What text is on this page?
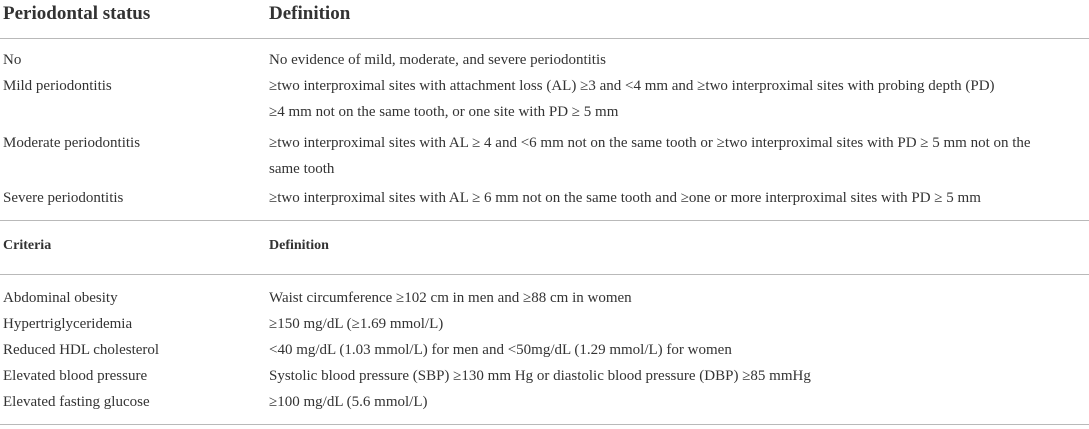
Periodontal status	Definition
No	No evidence of mild, moderate, and severe periodontitis
Mild periodontitis	≥two interproximal sites with attachment loss (AL) ≥3 and <4 mm and ≥two interproximal sites with probing depth (PD)
≥4 mm not on the same tooth, or one site with PD ≥ 5 mm
Moderate periodontitis	≥two interproximal sites with AL ≥ 4 and <6 mm not on the same tooth or ≥two interproximal sites with PD ≥ 5 mm not on the
same tooth
Severe periodontitis	≥two interproximal sites with AL ≥ 6 mm not on the same tooth and ≥one or more interproximal sites with PD ≥ 5 mm
Criteria	Definition
Abdominal obesity	Waist circumference ≥102 cm in men and ≥88 cm in women
Hypertriglyceridemia	≥150 mg/dL (≥1.69 mmol/L)
Reduced HDL cholesterol	<40 mg/dL (1.03 mmol/L) for men and <50mg/dL (1.29 mmol/L) for women
Elevated blood pressure	Systolic blood pressure (SBP) ≥130 mm Hg or diastolic blood pressure (DBP) ≥85 mmHg
Elevated fasting glucose	≥100 mg/dL (5.6 mmol/L)
